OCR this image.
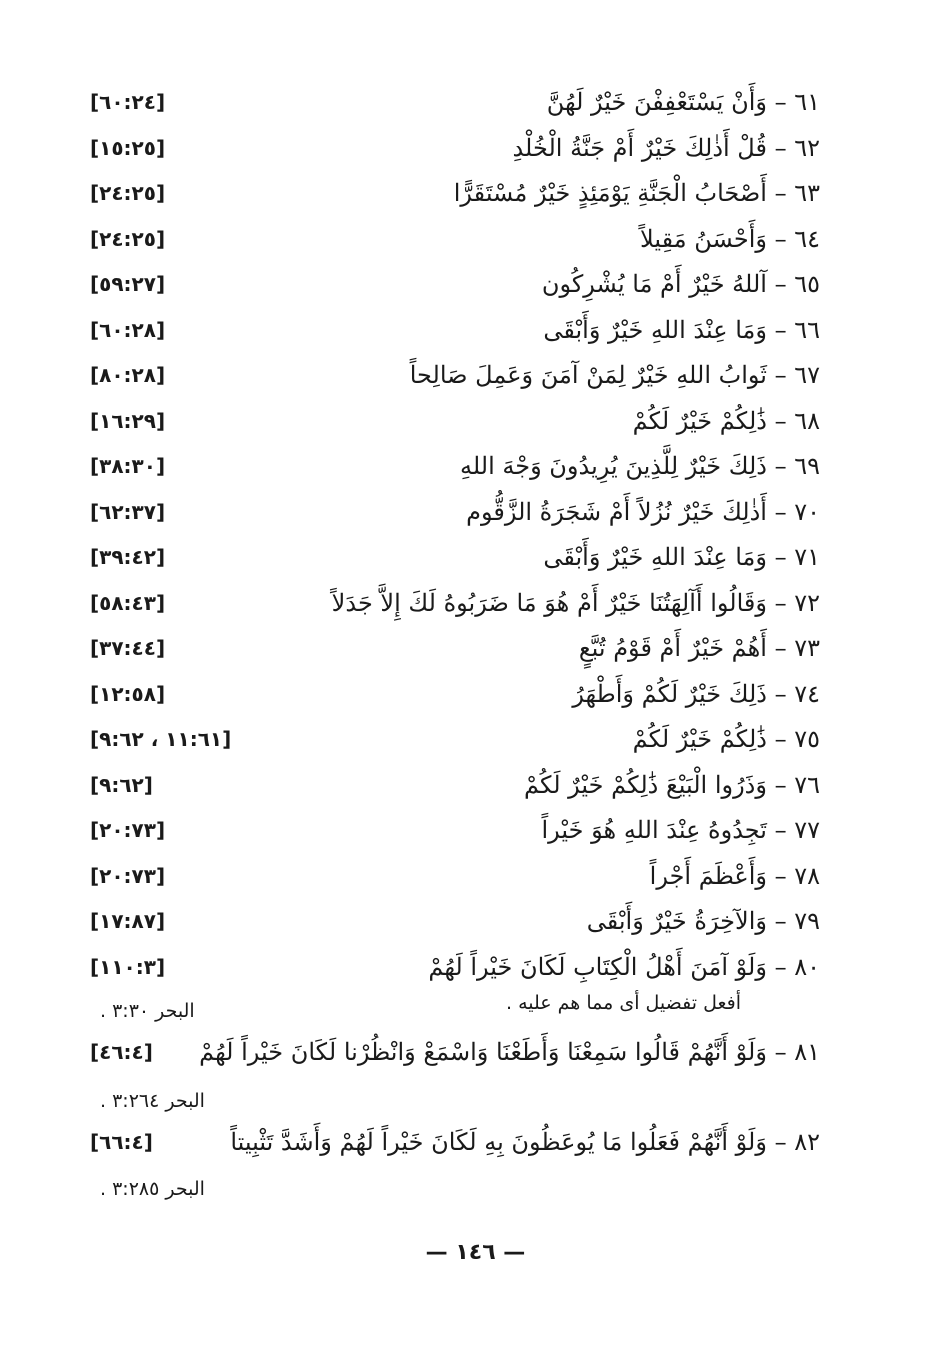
[٦٠:٢٤]	٦١ – وَأَنْ يَسْتَعْفِفْنَ خَيْرٌ لَهُنَّ
[١٥:٢٥]	٦٢ – قُلْ أَذٰلِكَ خَيْرٌ أَمْ جَنَّةُ الْخُلْدِ
[٢٤:٢٥]	٦٣ – أَصْحَابُ الْجَنَّةِ يَوْمَئِذٍ خَيْرٌ مُسْتَقَرًّا
[٢٤:٢٥]	٦٤ – وَأَحْسَنُ مَقِيلاً
[٥٩:٢٧]	٦٥ – آللهُ خَيْرٌ أَمْ مَا يُشْرِكُون
[٦٠:٢٨]	٦٦ – وَمَا عِنْدَ اللهِ خَيْرٌ وَأَبْقَى
[٨٠:٢٨]	٦٧ – ثَوابُ اللهِ خَيْرٌ لِمَنْ آمَنَ وَعَمِلَ صَالِحاً
[١٦:٢٩]	٦٨ – ذَٰلِكُمْ خَيْرٌ لَكُمْ
[٣٨:٣٠]	٦٩ – ذَلِكَ خَيْرٌ لِلَّذِينَ يُرِيدُونَ وَجْهَ اللهِ
[٦٢:٣٧]	٧٠ – أَذٰلِكَ خَيْرٌ نُزُلاً أَمْ شَجَرَةُ الزَّقُّوم
[٣٩:٤٢]	٧١ – وَمَا عِنْدَ اللهِ خَيْرٌ وَأَبْقَى
[٥٨:٤٣]	٧٢ – وَقَالُوا أَآلِهَتُنَا خَيْرٌ أَمْ هُوَ مَا ضَرَبُوهُ لَكَ إِلاَّ جَدَلاً
[٣٧:٤٤]	٧٣ – أَهُمْ خَيْرٌ أَمْ قَوْمُ تُبَّعٍ
[١٢:٥٨]	٧٤ – ذَلِكَ خَيْرٌ لَكُمْ وَأَطْهَرُ
[١١:٦١ ، ٩:٦٢]	٧٥ – ذَٰلِكُمْ خَيْرٌ لَكُمْ
[٩:٦٢]	٧٦ – وَذَرُوا الْبَيْعَ ذَٰلِكُمْ خَيْرٌ لَكُمْ
[٢٠:٧٣]	٧٧ – تَجِدُوهُ عِنْدَ اللهِ هُوَ خَيْراً
[٢٠:٧٣]	٧٨ – وَأَعْظَمَ أَجْراً
[١٧:٨٧]	٧٩ – وَالآخِرَةُ خَيْرٌ وَأَبْقَى
[١١٠:٣]	٨٠ – وَلَوْ آمَنَ أَهْلُ الْكِتَابِ لَكَانَ خَيْراً لَهُمْ
أفعل تفضيل أى مما هم عليه .
البحر ٣:٣٠ .
[٤٦:٤] ٨١ – وَلَوْ أَنَّهُمْ قَالُوا سَمِعْنَا وَأَطَعْنَا وَاسْمَعْ وَانْظُرْنا لَكَانَ خَيْراً لَهُمْ
البحر ٣:٢٦٤ .
[٦٦:٤]	٨٢ – وَلَوْ أَنَّهُمْ فَعَلُوا مَا يُوعَظُونَ بِهِ لَكَانَ خَيْراً لَهُمْ وَأَشَدَّ تَثْبِيتاً
البحر ٣:٢٨٥ .
— ١٤٦ —
